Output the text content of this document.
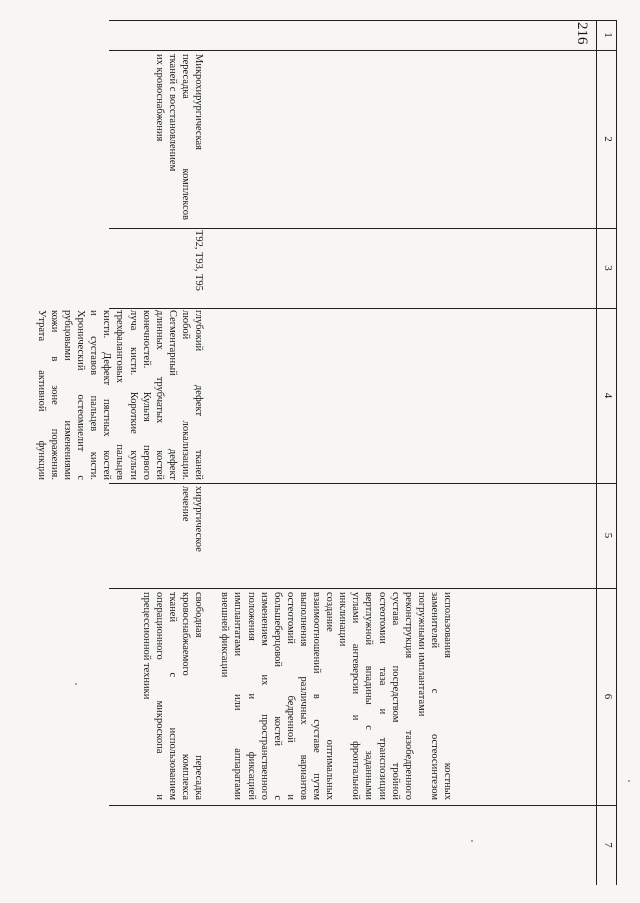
216 1
2
3
4
5
6
7
Микрохирургическая
пересадка комплексов
тканей с восстановлением
их кровоснабжения
T92, T93, T95
глубокий дефект тканей
любой локализации.
Сегментарный дефект
длинных трубчатых костей
конечностей. Культя первого
луча кисти. Короткие культи
трехфаланговых пальцев
кисти. Дефект пястных костей
и суставов пальцев кисти.
Хронический остеомиелит с
рубцовыми изменениями
кожи в зоне поражения.
Утрата активной функции
хирургическое
лечение
использования костных
заменителей с остеосинтезом
погружными имплантатами
реконструкция тазобедренного
сустава посредством тройной
остеотомии таза и транспозиции
вертлужной впадины с заданными
углами антеверсии и фронтальной
инклинации
создание оптимальных
взаимоотношений в суставе путем
выполнения различных вариантов
остеотомий бедренной и
большеберцовой костей с
изменением их пространственного
положения и фиксацией
имплантатами или аппаратами
внешней фиксации
свободная пересадка
кровоснабжаемого комплекса
тканей с использованием
операционного микроскопа и
прецессионной техники
